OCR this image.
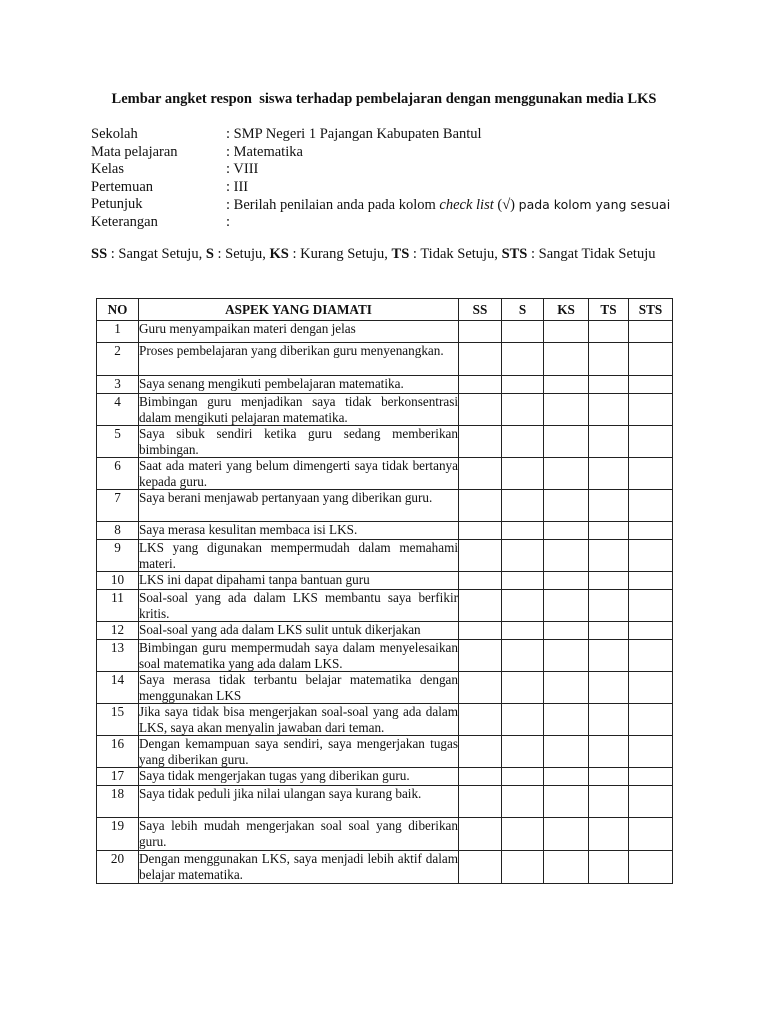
Lembar angket respon  siswa terhadap pembelajaran dengan menggunakan media LKS
Sekolah	: SMP Negeri 1 Pajangan Kabupaten Bantul
Mata pelajaran	: Matematika
Kelas	: VIII
Pertemuan	: III
Petunjuk	: Berilah penilaian anda pada kolom check list (√) pada kolom yang sesuai
Keterangan	:
SS : Sangat Setuju, S : Setuju, KS : Kurang Setuju, TS : Tidak Setuju, STS : Sangat Tidak Setuju
NO	ASPEK YANG DIAMATI	SS	S	KS	TS	STS
1	Guru menyampaikan materi dengan jelas					
2	Proses pembelajaran yang diberikan guru menyenangkan.					
3	Saya senang mengikuti pembelajaran matematika.					
4	Bimbingan guru menjadikan saya tidak berkonsentrasi dalam mengikuti pelajaran matematika.					
5	Saya sibuk sendiri ketika guru sedang memberikan bimbingan.					
6	Saat ada materi yang belum dimengerti saya tidak bertanya kepada guru.					
7	Saya berani menjawab pertanyaan yang diberikan guru.					
8	Saya merasa kesulitan membaca isi LKS.					
9	LKS yang digunakan mempermudah dalam memahami materi.					
10	LKS ini dapat dipahami tanpa bantuan guru					
11	Soal-soal yang ada dalam LKS membantu saya berfikir kritis.					
12	Soal-soal yang ada dalam LKS sulit untuk dikerjakan					
13	Bimbingan guru mempermudah saya dalam menyelesaikan soal matematika yang ada dalam LKS.					
14	Saya merasa tidak terbantu belajar matematika dengan menggunakan LKS					
15	Jika saya tidak bisa mengerjakan soal-soal yang ada dalam LKS, saya akan menyalin jawaban dari teman.					
16	Dengan kemampuan saya sendiri, saya mengerjakan tugas yang diberikan guru.					
17	Saya tidak mengerjakan tugas yang diberikan guru.					
18	Saya tidak peduli jika nilai ulangan saya kurang baik.					
19	Saya lebih mudah mengerjakan soal soal yang diberikan guru.					
20	Dengan menggunakan LKS, saya menjadi lebih aktif dalam belajar matematika.					
